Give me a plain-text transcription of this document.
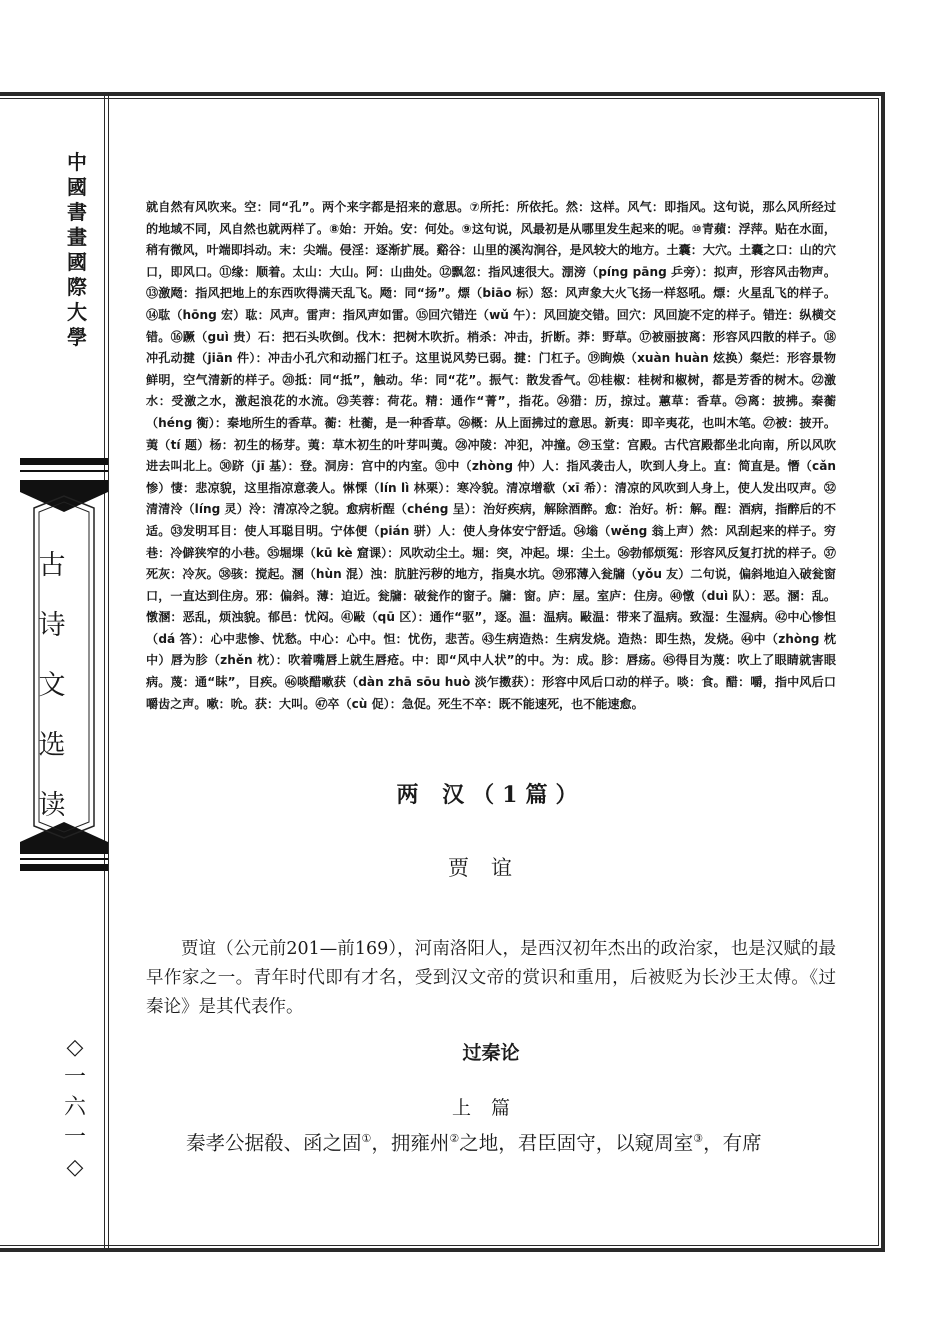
中
國
書
畫
國
際
大
學
古
诗
文
选
读
◇
一
六
一
◇
就自然有风吹来。空：同“孔”。两个来字都是招来的意思。⑦所托：所依托。然：这样。风气：即指风。这句说，那么风所经过的地域不同，风自然也就两样了。⑧始：开始。安：何处。⑨这句说，风最初是从哪里发生起来的呢。⑩青蘋：浮萍。贴在水面，稍有微风，叶端即抖动。末：尖端。侵淫：逐渐扩展。谿谷：山里的溪沟涧谷，是风较大的地方。土囊：大穴。土囊之口：山的穴口，即风口。⑪缘：顺着。太山：大山。阿：山曲处。⑫飘忽：指风速很大。淜滂（píng pāng 乒旁）：拟声，形容风击物声。⑬激飏：指风把地上的东西吹得满天乱飞。飏：同“扬”。熛（biāo 标）怒：风声象大火飞扬一样怒吼。熛：火星乱飞的样子。⑭耾（hōng 宏）耾：风声。雷声：指风声如雷。⑮回穴错迕（wǔ 午）：风回旋交错。回穴：风回旋不定的样子。错迕：纵横交错。⑯蹶（guì 贵）石：把石头吹倒。伐木：把树木吹折。梢杀：冲击，折断。莽：野草。⑰被丽披离：形容风四散的样子。⑱冲孔动揵（jiān 件）：冲击小孔穴和动摇门杠子。这里说风势已弱。揵：门杠子。⑲眴焕（xuàn huàn 炫换）粲烂：形容景物鲜明，空气清新的样子。⑳抵：同“抵”，触动。华：同“花”。振气：散发香气。㉑桂椒：桂树和椒树，都是芳香的树木。㉒激水：受激之水，激起浪花的水流。㉓芙蓉：荷花。精：通作“菁”，指花。㉔猎：历，掠过。蕙草：香草。㉕离：披拂。秦蘅（héng 衡）：秦地所生的香草。蘅：杜蘅，是一种香草。㉖概：从上面拂过的意思。新夷：即辛夷花，也叫木笔。㉗被：披开。荑（tí 题）杨：初生的杨芽。荑：草木初生的叶芽叫荑。㉘冲陵：冲犯，冲撞。㉙玉堂：宫殿。古代宫殿都坐北向南，所以风吹进去叫北上。㉚跻（jī 基）：登。洞房：宫中的内室。㉛中（zhòng 仲）人：指风袭击人，吹到人身上。直：简直是。憯（cǎn 惨）悽：悲凉貌，这里指凉意袭人。惏慄（lín lì 林栗）：寒冷貌。清凉增欷（xī 希）：清凉的风吹到人身上，使人发出叹声。㉜清清泠（líng 灵）泠：清凉冷之貌。愈病析酲（chéng 呈）：治好疾病，解除酒醉。愈：治好。析：解。酲：酒病，指醉后的不适。㉝发明耳目：使人耳聪目明。宁体便（pián 骈）人：使人身体安宁舒适。㉞塕（wěng 翁上声）然：风刮起来的样子。穷巷：冷僻狭窄的小巷。㉟堀堁（kū kè 窟课）：风吹动尘土。堀：突，冲起。堁：尘土。㊱勃郁烦冤：形容风反复打扰的样子。㊲死灰：冷灰。㊳骇：搅起。溷（hùn 混）浊：肮脏污秽的地方，指臭水坑。㊴邪薄入瓮牖（yǒu 友）二句说，偏斜地迫入破瓮窗口，一直达到住房。邪：偏斜。薄：迫近。瓮牖：破瓮作的窗子。牖：窗。庐：屋。室庐：住房。㊵憞（duì 队）：恶。溷：乱。憞溷：恶乱，烦浊貌。郁邑：忧闷。㊶敺（qū 区）：通作“驱”，逐。温：温病。敺温：带来了温病。致湿：生湿病。㊷中心惨怛（dá 答）：心中悲惨、忧愁。中心：心中。怛：忧伤，悲苦。㊸生病造热：生病发烧。造热：即生热，发烧。㊹中（zhòng 枕中）唇为胗（zhěn 枕）：吹着嘴唇上就生唇疮。中：即“风中人状”的中。为：成。胗：唇疡。㊺得目为蔑：吹上了眼睛就害眼病。蔑：通“眜”，目疾。㊻啖醋嗽获（dàn zhā sōu huò 淡乍擞获）：形容中风后口动的样子。啖：食。醋：嚼，指中风后口嚼齿之声。嗽：吮。获：大叫。㊼卒（cù 促）：急促。死生不卒：既不能速死，也不能速愈。
两 汉（1篇）
贾谊
贾谊（公元前201—前169），河南洛阳人，是西汉初年杰出的政治家，也是汉赋的最早作家之一。青年时代即有才名，受到汉文帝的赏识和重用，后被贬为长沙王太傅。《过秦论》是其代表作。
过秦论
上篇
秦孝公据殽、函之固①，拥雍州②之地，君臣固守，以窥周室③，有席
